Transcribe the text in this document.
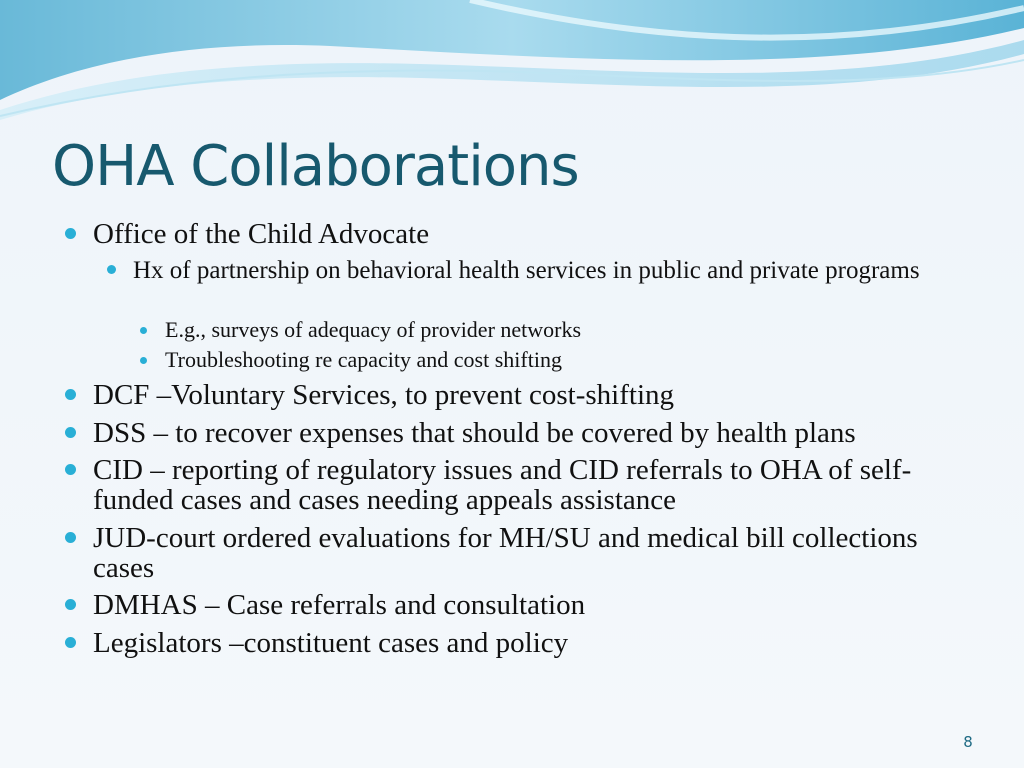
OHA Collaborations
Office of the Child Advocate
Hx of partnership on behavioral health services in public and private programs
E.g., surveys of adequacy of provider networks
Troubleshooting re capacity and cost shifting
DCF –Voluntary Services, to prevent cost-shifting
DSS – to recover expenses that should be covered by health plans
CID – reporting of regulatory issues and CID referrals to OHA of self-funded cases and cases needing appeals assistance
JUD-court ordered evaluations for MH/SU and medical bill collections cases
DMHAS – Case referrals and consultation
Legislators –constituent cases and policy
8
